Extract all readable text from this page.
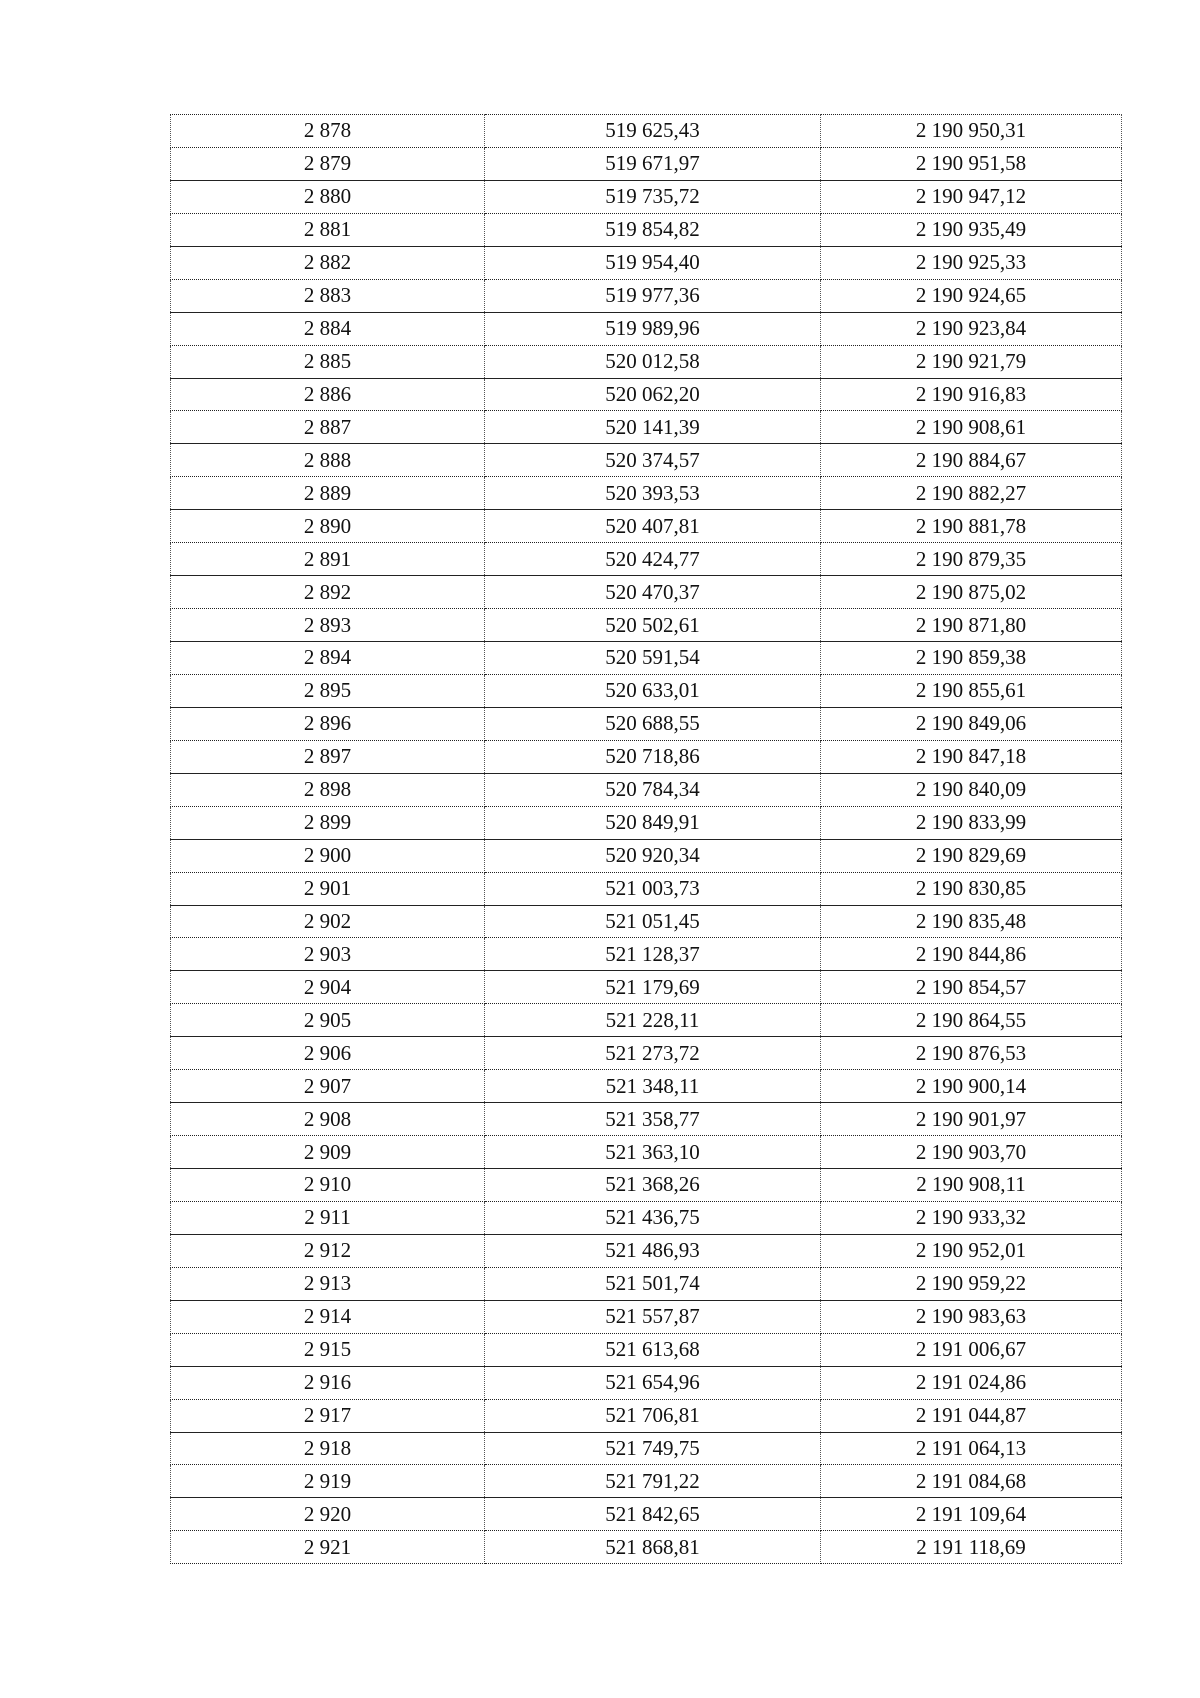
2 878	519 625,43	2 190 950,31
2 879	519 671,97	2 190 951,58
2 880	519 735,72	2 190 947,12
2 881	519 854,82	2 190 935,49
2 882	519 954,40	2 190 925,33
2 883	519 977,36	2 190 924,65
2 884	519 989,96	2 190 923,84
2 885	520 012,58	2 190 921,79
2 886	520 062,20	2 190 916,83
2 887	520 141,39	2 190 908,61
2 888	520 374,57	2 190 884,67
2 889	520 393,53	2 190 882,27
2 890	520 407,81	2 190 881,78
2 891	520 424,77	2 190 879,35
2 892	520 470,37	2 190 875,02
2 893	520 502,61	2 190 871,80
2 894	520 591,54	2 190 859,38
2 895	520 633,01	2 190 855,61
2 896	520 688,55	2 190 849,06
2 897	520 718,86	2 190 847,18
2 898	520 784,34	2 190 840,09
2 899	520 849,91	2 190 833,99
2 900	520 920,34	2 190 829,69
2 901	521 003,73	2 190 830,85
2 902	521 051,45	2 190 835,48
2 903	521 128,37	2 190 844,86
2 904	521 179,69	2 190 854,57
2 905	521 228,11	2 190 864,55
2 906	521 273,72	2 190 876,53
2 907	521 348,11	2 190 900,14
2 908	521 358,77	2 190 901,97
2 909	521 363,10	2 190 903,70
2 910	521 368,26	2 190 908,11
2 911	521 436,75	2 190 933,32
2 912	521 486,93	2 190 952,01
2 913	521 501,74	2 190 959,22
2 914	521 557,87	2 190 983,63
2 915	521 613,68	2 191 006,67
2 916	521 654,96	2 191 024,86
2 917	521 706,81	2 191 044,87
2 918	521 749,75	2 191 064,13
2 919	521 791,22	2 191 084,68
2 920	521 842,65	2 191 109,64
2 921	521 868,81	2 191 118,69
